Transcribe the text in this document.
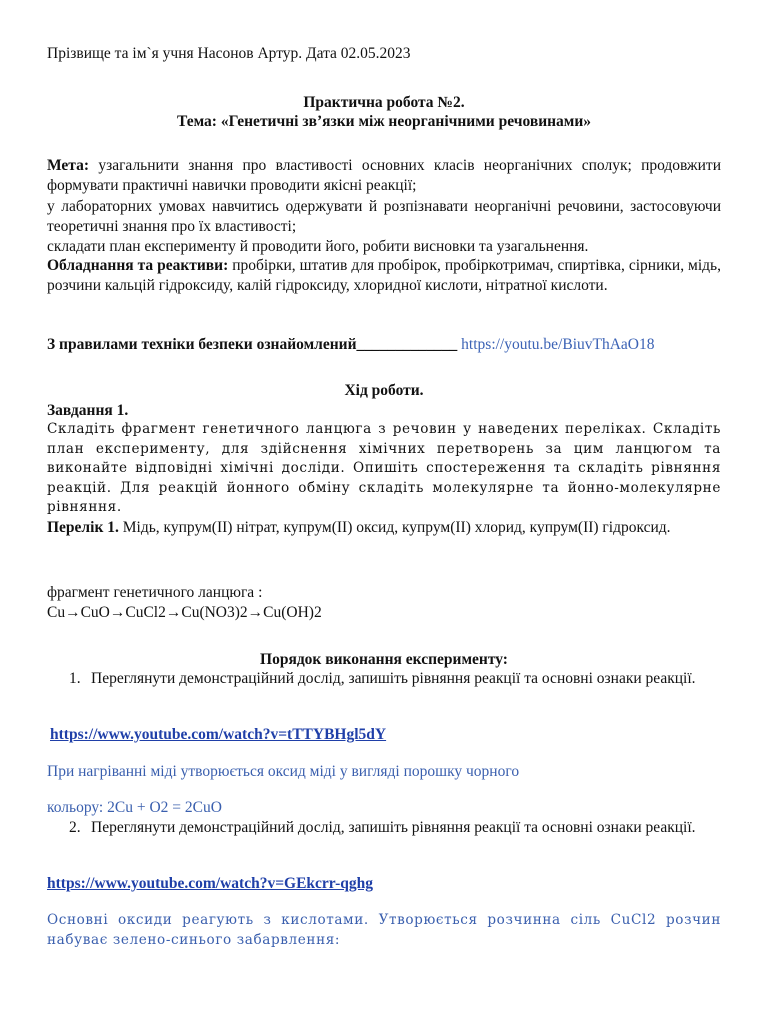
Прізвище та ім`я учня Насонов Артур. Дата 02.05.2023

Практична робота №2.

Тема: «Генетичні зв’язки між неорганічними речовинами»

Мета: узагальнити знання про властивості основних класів неорганічних сполук; продовжити формувати практичні навички проводити якісні реакції;

у лабораторних умовах навчитись одержувати й розпізнавати неорганічні речовини, застосовуючи теоретичні знання про їх властивості;

складати план експерименту й проводити його, робити висновки та узагальнення.

Обладнання та реактиви: пробірки, штатив для пробірок, пробіркотримач, спиртівка, сірники, мідь, розчини кальцій гідроксиду, калій гідроксиду, хлоридної кислоти, нітратної кислоти.

З правилами техніки безпеки ознайомлений_____________ https://youtu.be/BiuvThAaO18

Хід роботи.

Завдання 1.

Складіть фрагмент генетичного ланцюга з речовин у наведених переліках. Складіть план експерименту, для здійснення хімічних перетворень за цим ланцюгом та виконайте відповідні хімічні досліди. Опишіть спостереження та складіть рівняння реакцій. Для реакцій йонного обміну складіть молекулярне та йонно-молекулярне рівняння.

Перелік 1. Мідь, купрум(ІІ) нітрат, купрум(ІІ) оксид, купрум(ІІ) хлорид, купрум(ІІ) гідроксид.

фрагмент генетичного ланцюга :

Cu→CuO→CuCl2→Cu(NO3)2→Cu(OH)2

Порядок виконання експерименту:

1. Переглянути демонстраційний дослід, запишіть рівняння реакції та основні ознаки реакції.

https://www.youtube.com/watch?v=tTTYBHgl5dY

При нагріванні міді утворюється оксид міді у вигляді порошку чорного

кольору: 2Cu + O2 = 2CuO

2. Переглянути демонстраційний дослід, запишіть рівняння реакції та основні ознаки реакції.

https://www.youtube.com/watch?v=GEkcrr-qghg

Основні оксиди реагують з кислотами. Утворюється розчинна сіль CuCl2 розчин набуває зелено-синього забарвлення:
